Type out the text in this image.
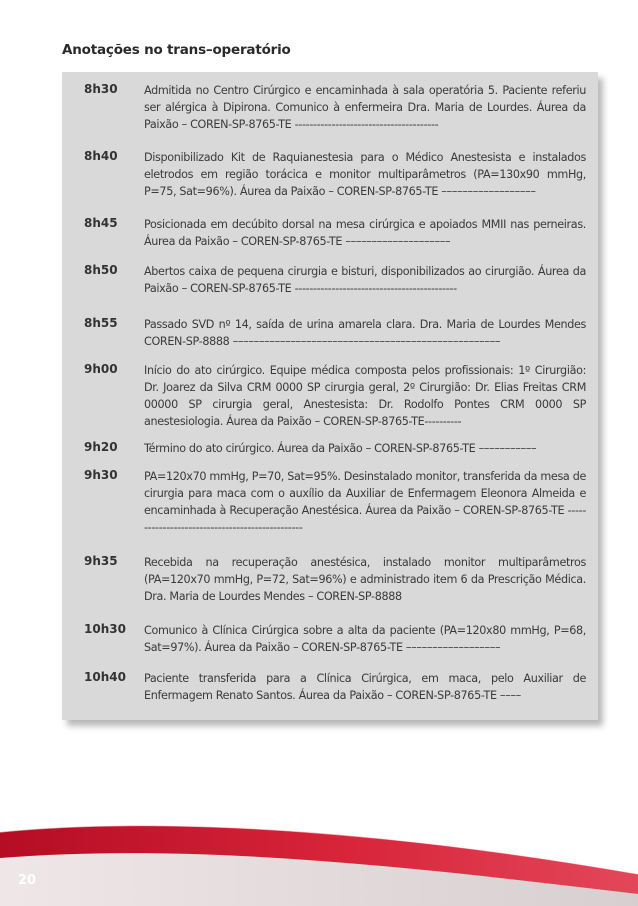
Anotações no trans–operatório
8h30 Admitida no Centro Cirúrgico e encaminhada à sala operatória 5. Paciente referiu ser alérgica à Dipirona. Comunico à enfermeira Dra. Maria de Lourdes. Áurea da Paixão – COREN-SP-8765-TE ---------------------------------------
8h40 Disponibilizado Kit de Raquianestesia para o Médico Anestesista e instalados eletrodos em região torácica e monitor multiparâmetros (PA=130x90 mmHg, P=75, Sat=96%). Áurea da Paixão – COREN-SP-8765-TE ––––––––––––––––––
8h45 Posicionada em decúbito dorsal na mesa cirúrgica e apoiados MMII nas perneiras. Áurea da Paixão – COREN-SP-8765-TE ––––––––––––––––––––
8h50 Abertos caixa de pequena cirurgia e bisturi, disponibilizados ao cirurgião. Áurea da Paixão – COREN-SP-8765-TE --------------------------------------------
8h55 Passado SVD nº 14, saída de urina amarela clara. Dra. Maria de Lourdes Mendes COREN-SP-8888 –––––––––––––––––––––––––––––––––––––––––––––––––––
9h00 Início do ato cirúrgico. Equipe médica composta pelos profissionais: 1º Cirurgião: Dr. Joarez da Silva CRM 0000 SP cirurgia geral, 2º Cirurgião: Dr. Elias Freitas CRM 00000 SP cirurgia geral, Anestesista: Dr. Rodolfo Pontes CRM 0000 SP anestesiologia. Áurea da Paixão – COREN-SP-8765-TE----------
9h20 Término do ato cirúrgico. Áurea da Paixão – COREN-SP-8765-TE –––––––––––
9h30 PA=120x70 mmHg, P=70, Sat=95%. Desinstalado monitor, transferida da mesa de cirurgia para maca com o auxílio da Auxiliar de Enfermagem Eleonora Almeida e encaminhada à Recuperação Anestésica. Áurea da Paixão – COREN-SP-8765-TE ------------------------------------------------
9h35 Recebida na recuperação anestésica, instalado monitor multiparâmetros (PA=120x70 mmHg, P=72, Sat=96%) e administrado item 6 da Prescrição Médica. Dra. Maria de Lourdes Mendes – COREN-SP-8888
10h30 Comunico à Clínica Cirúrgica sobre a alta da paciente (PA=120x80 mmHg, P=68, Sat=97%). Áurea da Paixão – COREN-SP-8765-TE ––––––––––––––––––
10h40 Paciente transferida para a Clínica Cirúrgica, em maca, pelo Auxiliar de Enfermagem Renato Santos. Áurea da Paixão – COREN-SP-8765-TE ––––
20
